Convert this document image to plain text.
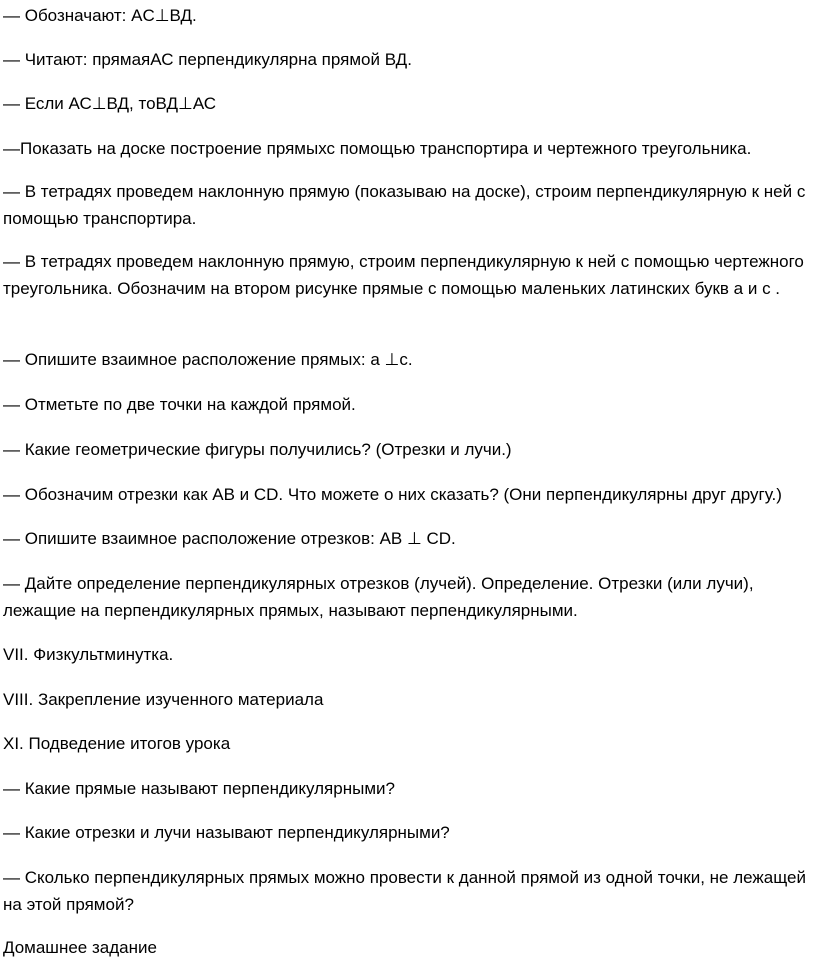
— Обозначают: AC⊥ВД.

— Читают: прямаяАС перпендикулярна прямой ВД.

— Если АС⊥ВД, тоВД⊥АС

—Показать на доске построение прямыхс помощью транспортира и чертежного треугольника.

— В тетрадях проведем наклонную прямую (показываю на доске), строим перпендикулярную к ней с помощью транспортира.

— В тетрадях проведем наклонную прямую, строим перпендикулярную к ней с помощью чертежного треугольника. Обозначим на втором рисунке прямые с помощью маленьких латинских букв а и с .

— Опишите взаимное расположение прямых: а ⊥с.

— Отметьте по две точки на каждой прямой.

— Какие геометрические фигуры получились? (Отрезки и лучи.)

— Обозначим отрезки как АВ и CD. Что можете о них сказать? (Они перпендикулярны друг другу.)

— Опишите взаимное расположение отрезков: АВ ⊥ CD.

— Дайте определение перпендикулярных отрезков (лучей). Определение. Отрезки (или лучи), лежащие на перпендикулярных прямых, называют перпендикулярными.

VII. Физкультминутка.

VIII. Закрепление изученного материала

XI. Подведение итогов урока

— Какие прямые называют перпендикулярными?

— Какие отрезки и лучи называют перпендикулярными?

— Сколько перпендикулярных прямых можно провести к данной прямой из одной точки, не лежащей на этой прямой?

Домашнее задание
